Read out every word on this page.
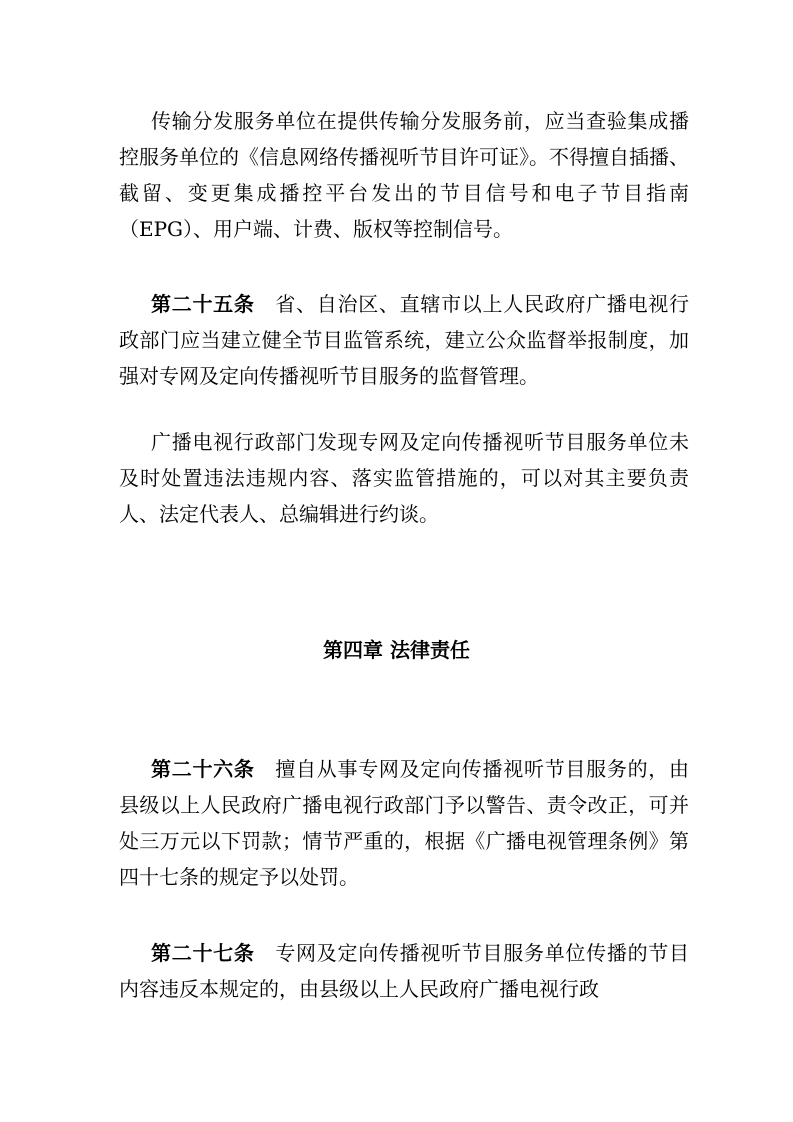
传输分发服务单位在提供传输分发服务前，应当查验集成播控服务单位的《信息网络传播视听节目许可证》。不得擅自插播、截留、变更集成播控平台发出的节目信号和电子节目指南（EPG）、用户端、计费、版权等控制信号。

第二十五条 省、自治区、直辖市以上人民政府广播电视行政部门应当建立健全节目监管系统，建立公众监督举报制度，加强对专网及定向传播视听节目服务的监督管理。

广播电视行政部门发现专网及定向传播视听节目服务单位未及时处置违法违规内容、落实监管措施的，可以对其主要负责人、法定代表人、总编辑进行约谈。

第四章 法律责任

第二十六条 擅自从事专网及定向传播视听节目服务的，由县级以上人民政府广播电视行政部门予以警告、责令改正，可并处三万元以下罚款；情节严重的，根据《广播电视管理条例》第四十七条的规定予以处罚。

第二十七条 专网及定向传播视听节目服务单位传播的节目内容违反本规定的，由县级以上人民政府广播电视行政
